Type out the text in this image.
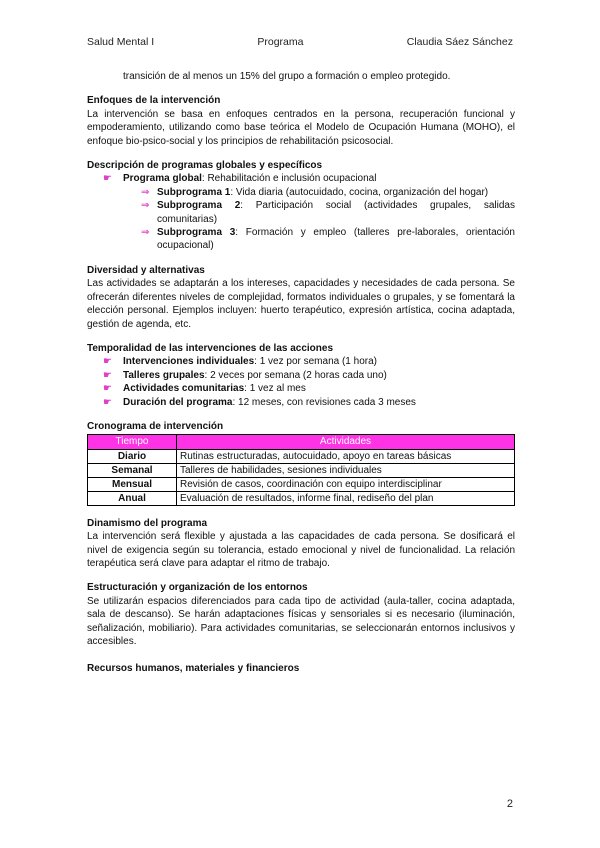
Salud Mental I	Programa	Claudia Sáez Sánchez

transición de al menos un 15% del grupo a formación o empleo protegido.

Enfoques de la intervención

La intervención se basa en enfoques centrados en la persona, recuperación funcional y empoderamiento, utilizando como base teórica el Modelo de Ocupación Humana (MOHO), el enfoque bio-psico-social y los principios de rehabilitación psicosocial.

Descripción de programas globales y específicos
☛	Programa global: Rehabilitación e inclusión ocupacional
⇒ Subprograma 1: Vida diaria (autocuidado, cocina, organización del hogar)
⇒ Subprograma 2: Participación social (actividades grupales, salidas comunitarias)
⇒ Subprograma 3: Formación y empleo (talleres pre-laborales, orientación ocupacional)
Diversidad y alternativas

Las actividades se adaptarán a los intereses, capacidades y necesidades de cada persona. Se ofrecerán diferentes niveles de complejidad, formatos individuales o grupales, y se fomentará la elección personal. Ejemplos incluyen: huerto terapéutico, expresión artística, cocina adaptada, gestión de agenda, etc.

Temporalidad de las intervenciones de las acciones
☛	Intervenciones individuales: 1 vez por semana (1 hora)
☛	Talleres grupales: 2 veces por semana (2 horas cada uno)
☛	Actividades comunitarias: 1 vez al mes
☛	Duración del programa: 12 meses, con revisiones cada 3 meses
Cronograma de intervención
Tiempo	Actividades
Diario	Rutinas estructuradas, autocuidado, apoyo en tareas básicas
Semanal	Talleres de habilidades, sesiones individuales
Mensual	Revisión de casos, coordinación con equipo interdisciplinar
Anual	Evaluación de resultados, informe final, rediseño del plan
Dinamismo del programa

La intervención será flexible y ajustada a las capacidades de cada persona. Se dosificará el nivel de exigencia según su tolerancia, estado emocional y nivel de funcionalidad. La relación terapéutica será clave para adaptar el ritmo de trabajo.

Estructuración y organización de los entornos

Se utilizarán espacios diferenciados para cada tipo de actividad (aula-taller, cocina adaptada, sala de descanso). Se harán adaptaciones físicas y sensoriales si es necesario (iluminación, señalización, mobiliario). Para actividades comunitarias, se seleccionarán entornos inclusivos y accesibles.

Recursos humanos, materiales y financieros
2
